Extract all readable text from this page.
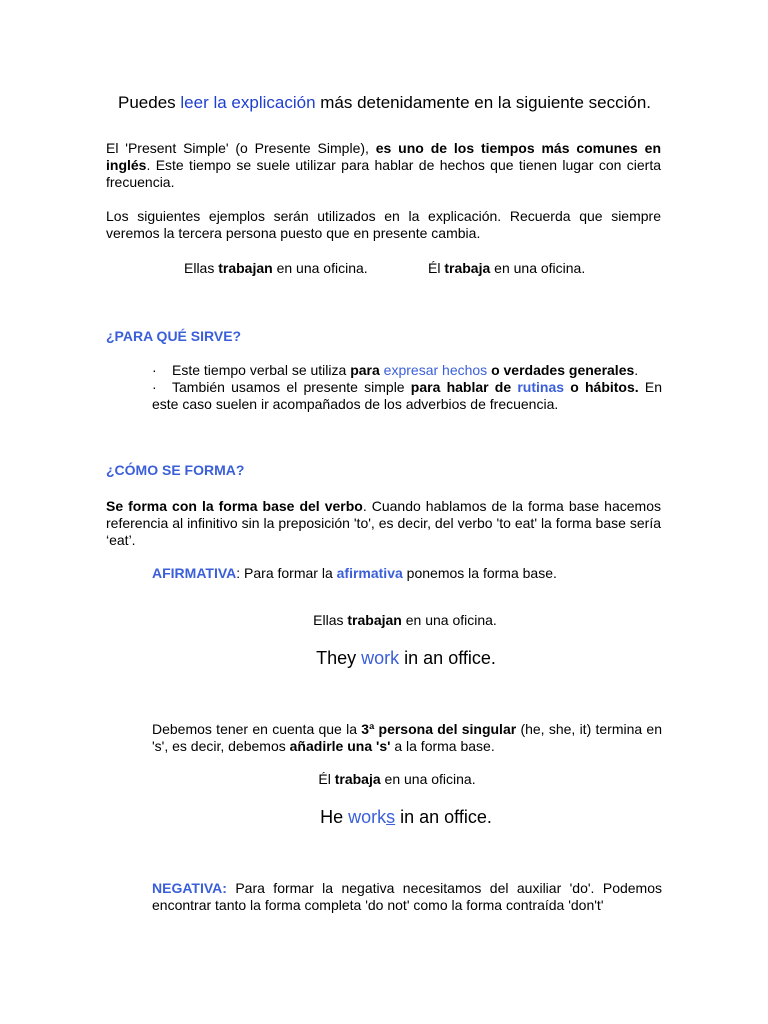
Puedes leer la explicación más detenidamente en la siguiente sección.

El 'Present Simple' (o Presente Simple), es uno de los tiempos más comunes en inglés. Este tiempo se suele utilizar para hablar de hechos que tienen lugar con cierta frecuencia.

Los siguientes ejemplos serán utilizados en la explicación. Recuerda que siempre veremos la tercera persona puesto que en presente cambia.

Ellas trabajan en una oficina.	Él trabaja en una oficina.

¿PARA QUÉ SIRVE?

· Este tiempo verbal se utiliza para expresar hechos o verdades generales.

· También usamos el presente simple para hablar de rutinas o hábitos. En este caso suelen ir acompañados de los adverbios de frecuencia.

¿CÓMO SE FORMA?

Se forma con la forma base del verbo. Cuando hablamos de la forma base hacemos referencia al infinitivo sin la preposición 'to', es decir, del verbo 'to eat' la forma base sería ‘eat’.

AFIRMATIVA: Para formar la afirmativa ponemos la forma base.

Ellas trabajan en una oficina.

They work in an office.

Debemos tener en cuenta que la 3ª persona del singular (he, she, it) termina en 's', es decir, debemos añadirle una 's' a la forma base.

Él trabaja en una oficina.

He works in an office.

NEGATIVA: Para formar la negativa necesitamos del auxiliar 'do'. Podemos encontrar tanto la forma completa 'do not' como la forma contraída 'don't'
